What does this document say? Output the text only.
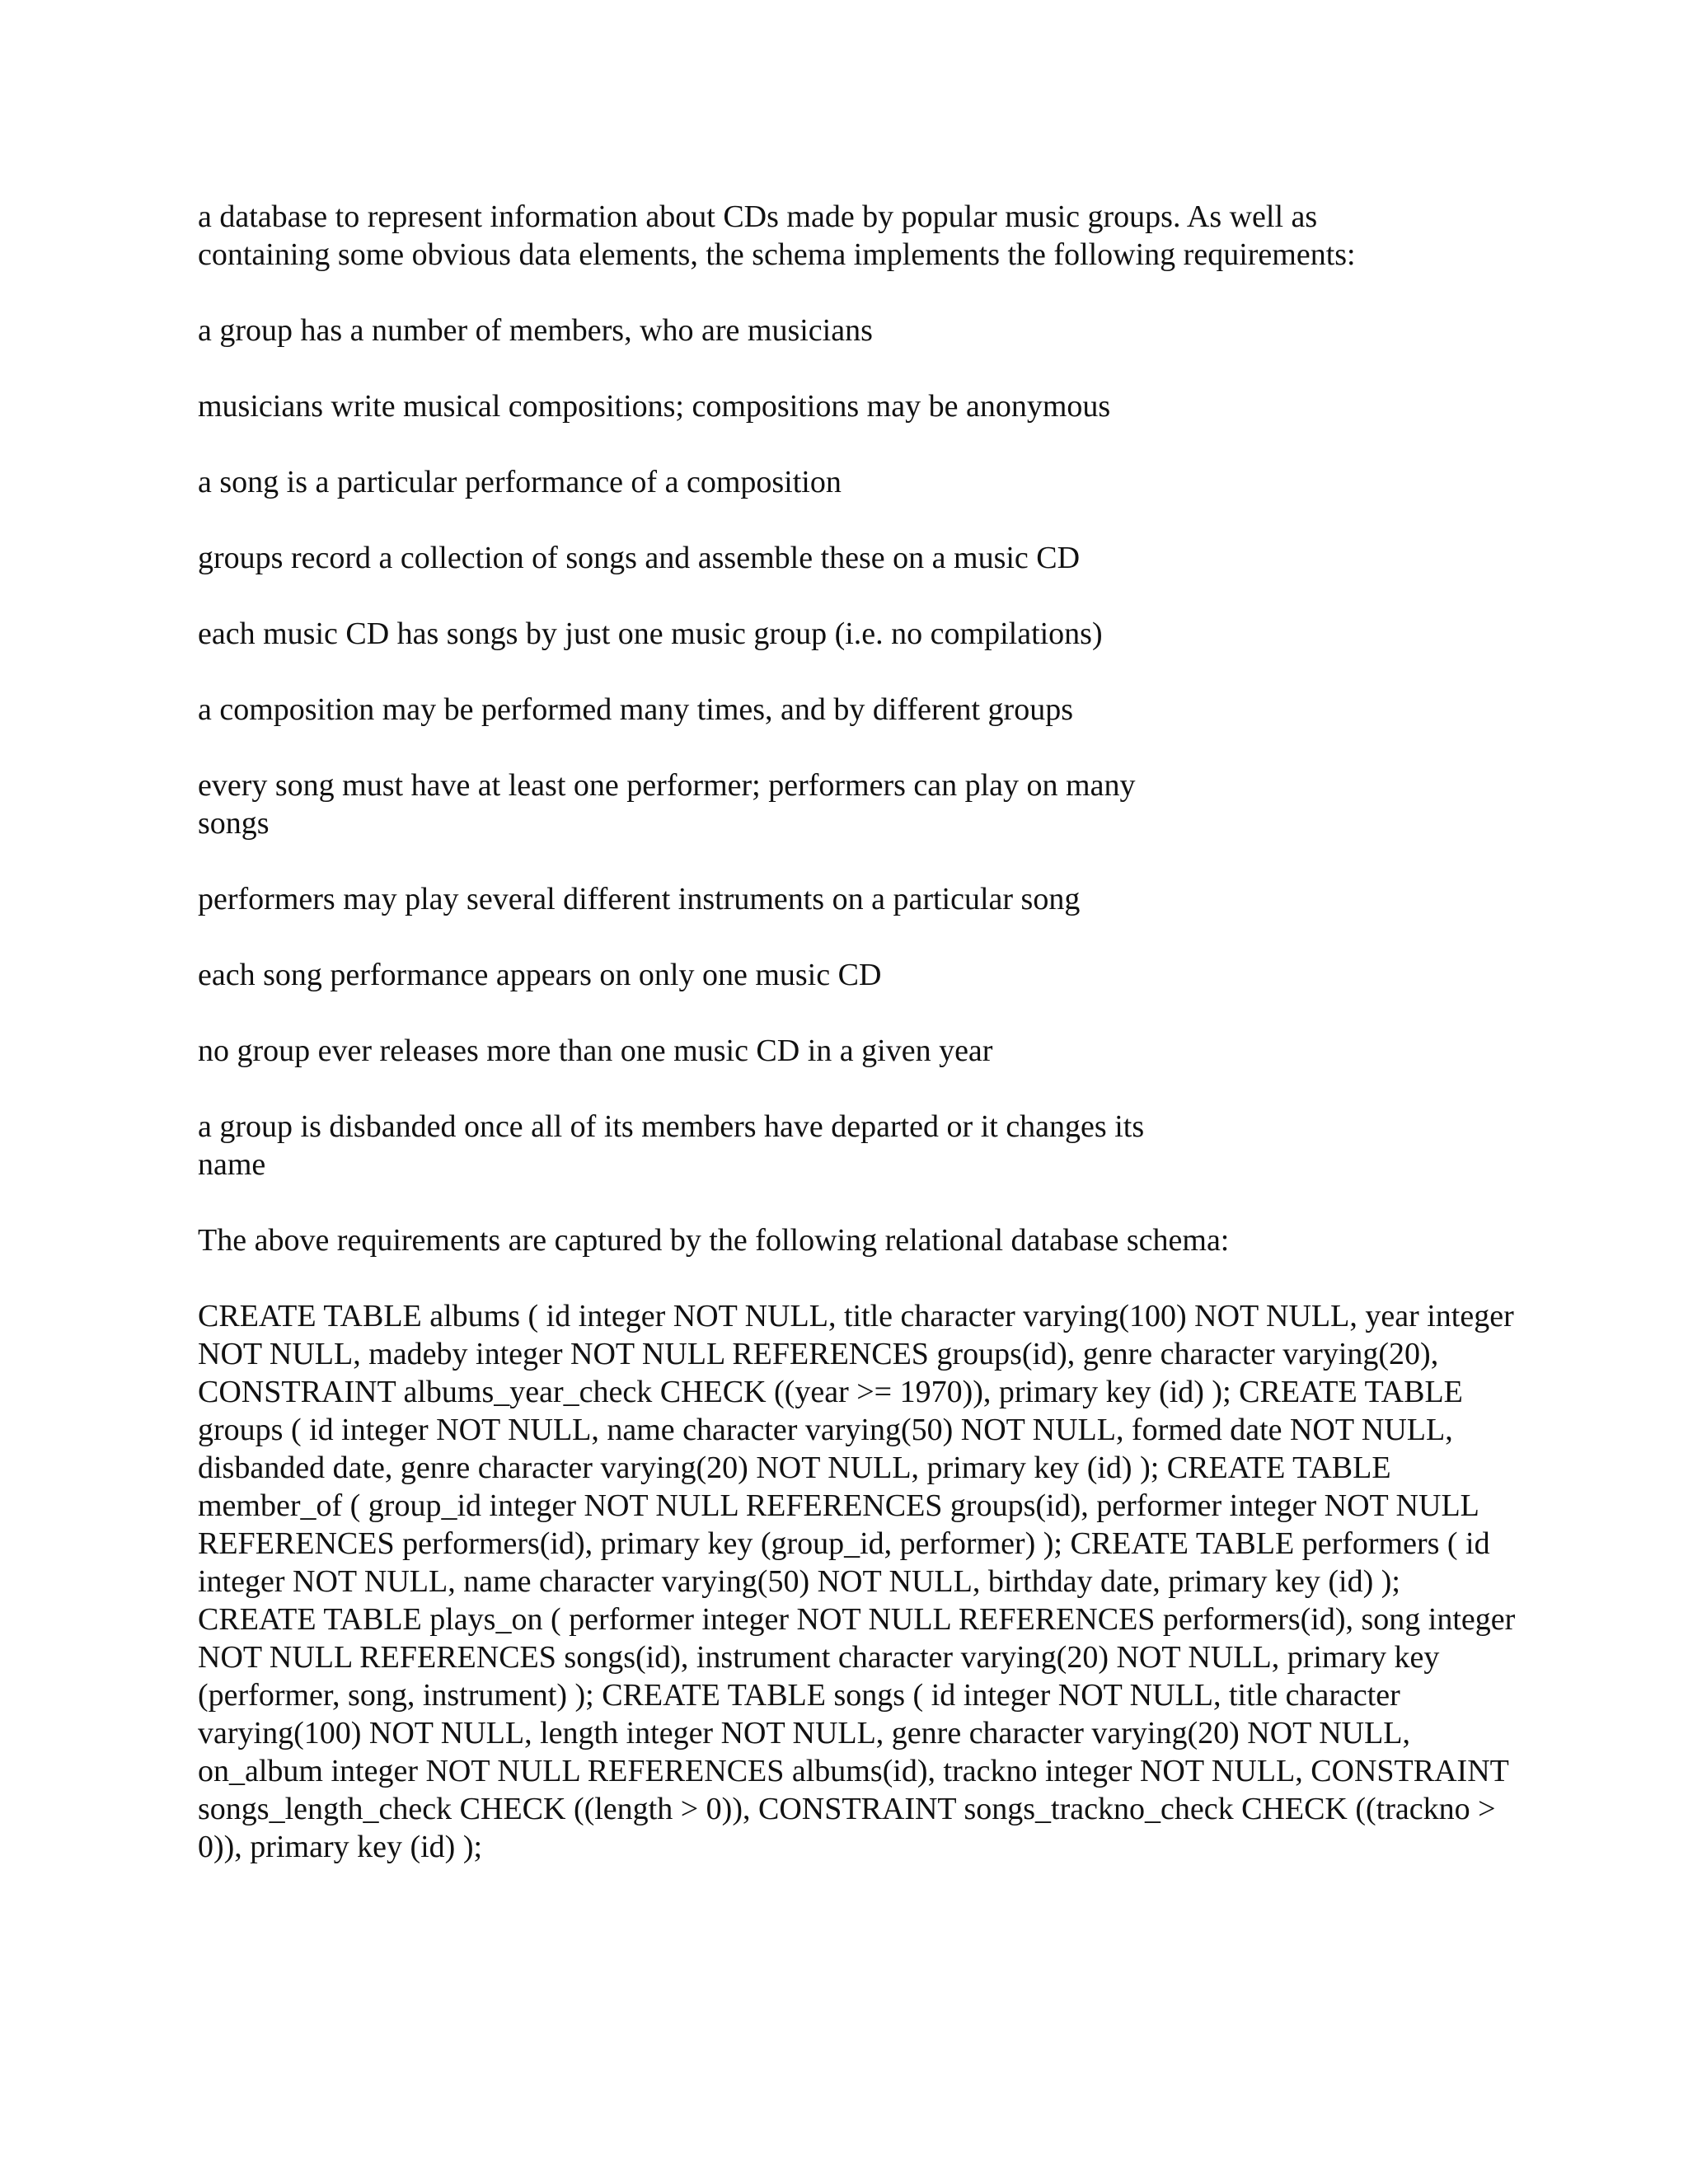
a database to represent information about CDs made by popular music groups. As well as containing some obvious data elements, the schema implements the following requirements:

a group has a number of members, who are musicians

musicians write musical compositions; compositions may be anonymous

a song is a particular performance of a composition

groups record a collection of songs and assemble these on a music CD

each music CD has songs by just one music group (i.e. no compilations)

a composition may be performed many times, and by different groups

every song must have at least one performer; performers can play on many songs

performers may play several different instruments on a particular song

each song performance appears on only one music CD

no group ever releases more than one music CD in a given year

a group is disbanded once all of its members have departed or it changes its name

The above requirements are captured by the following relational database schema:

CREATE TABLE albums ( id integer NOT NULL, title character varying(100) NOT NULL, year integer NOT NULL, madeby integer NOT NULL REFERENCES groups(id), genre character varying(20), CONSTRAINT albums_year_check CHECK ((year >= 1970)), primary key (id) ); CREATE TABLE groups ( id integer NOT NULL, name character varying(50) NOT NULL, formed date NOT NULL, disbanded date, genre character varying(20) NOT NULL, primary key (id) ); CREATE TABLE member_of ( group_id integer NOT NULL REFERENCES groups(id), performer integer NOT NULL REFERENCES performers(id), primary key (group_id, performer) ); CREATE TABLE performers ( id integer NOT NULL, name character varying(50) NOT NULL, birthday date, primary key (id) ); CREATE TABLE plays_on ( performer integer NOT NULL REFERENCES performers(id), song integer NOT NULL REFERENCES songs(id), instrument character varying(20) NOT NULL, primary key (performer, song, instrument) ); CREATE TABLE songs ( id integer NOT NULL, title character varying(100) NOT NULL, length integer NOT NULL, genre character varying(20) NOT NULL, on_album integer NOT NULL REFERENCES albums(id), trackno integer NOT NULL, CONSTRAINT songs_length_check CHECK ((length > 0)), CONSTRAINT songs_trackno_check CHECK ((trackno > 0)), primary key (id) );
